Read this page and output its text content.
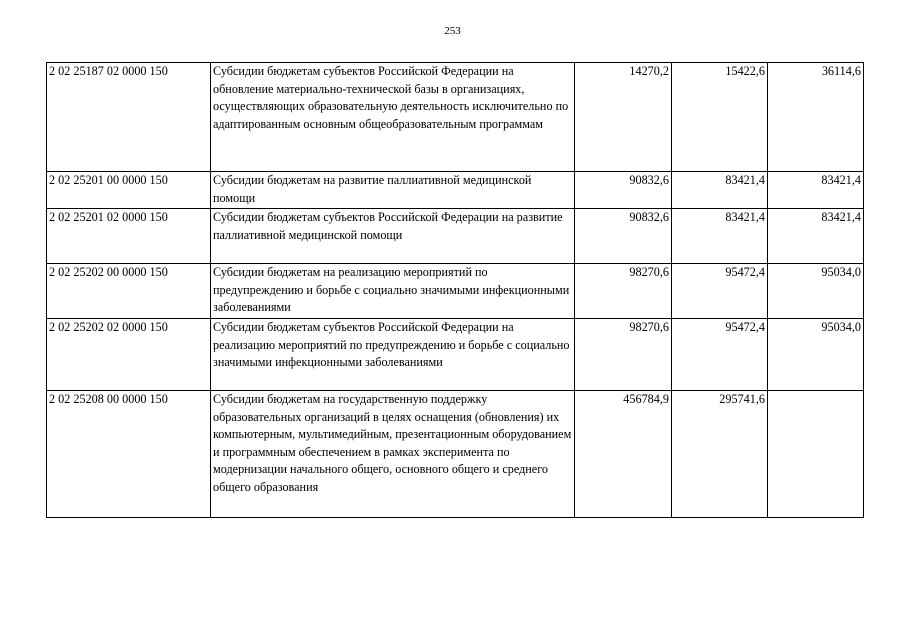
253
2 02 25187 02 0000 150	Субсидии бюджетам субъектов Российской Федерации на обновление материально-технической базы в организациях, осуществляющих образовательную деятельность исключительно по адаптированным основным общеобразовательным программам	14270,2	15422,6	36114,6
2 02 25201 00 0000 150	Субсидии бюджетам на развитие паллиативной медицинской помощи	90832,6	83421,4	83421,4
2 02 25201 02 0000 150	Субсидии бюджетам субъектов Российской Федерации на развитие паллиативной медицинской помощи	90832,6	83421,4	83421,4
2 02 25202 00 0000 150	Субсидии бюджетам на реализацию мероприятий по предупреждению и борьбе с социально значимыми инфекционными заболеваниями	98270,6	95472,4	95034,0
2 02 25202 02 0000 150	Субсидии бюджетам субъектов Российской Федерации на реализацию мероприятий по предупреждению и борьбе с социально значимыми инфекционными заболеваниями	98270,6	95472,4	95034,0
2 02 25208 00 0000 150	Субсидии бюджетам на государственную поддержку образовательных организаций в целях оснащения (обновления) их компьютерным, мультимедийным, презентационным оборудованием и программным обеспечением в рамках эксперимента по модернизации начального общего, основного общего и среднего общего образования	456784,9	295741,6	
